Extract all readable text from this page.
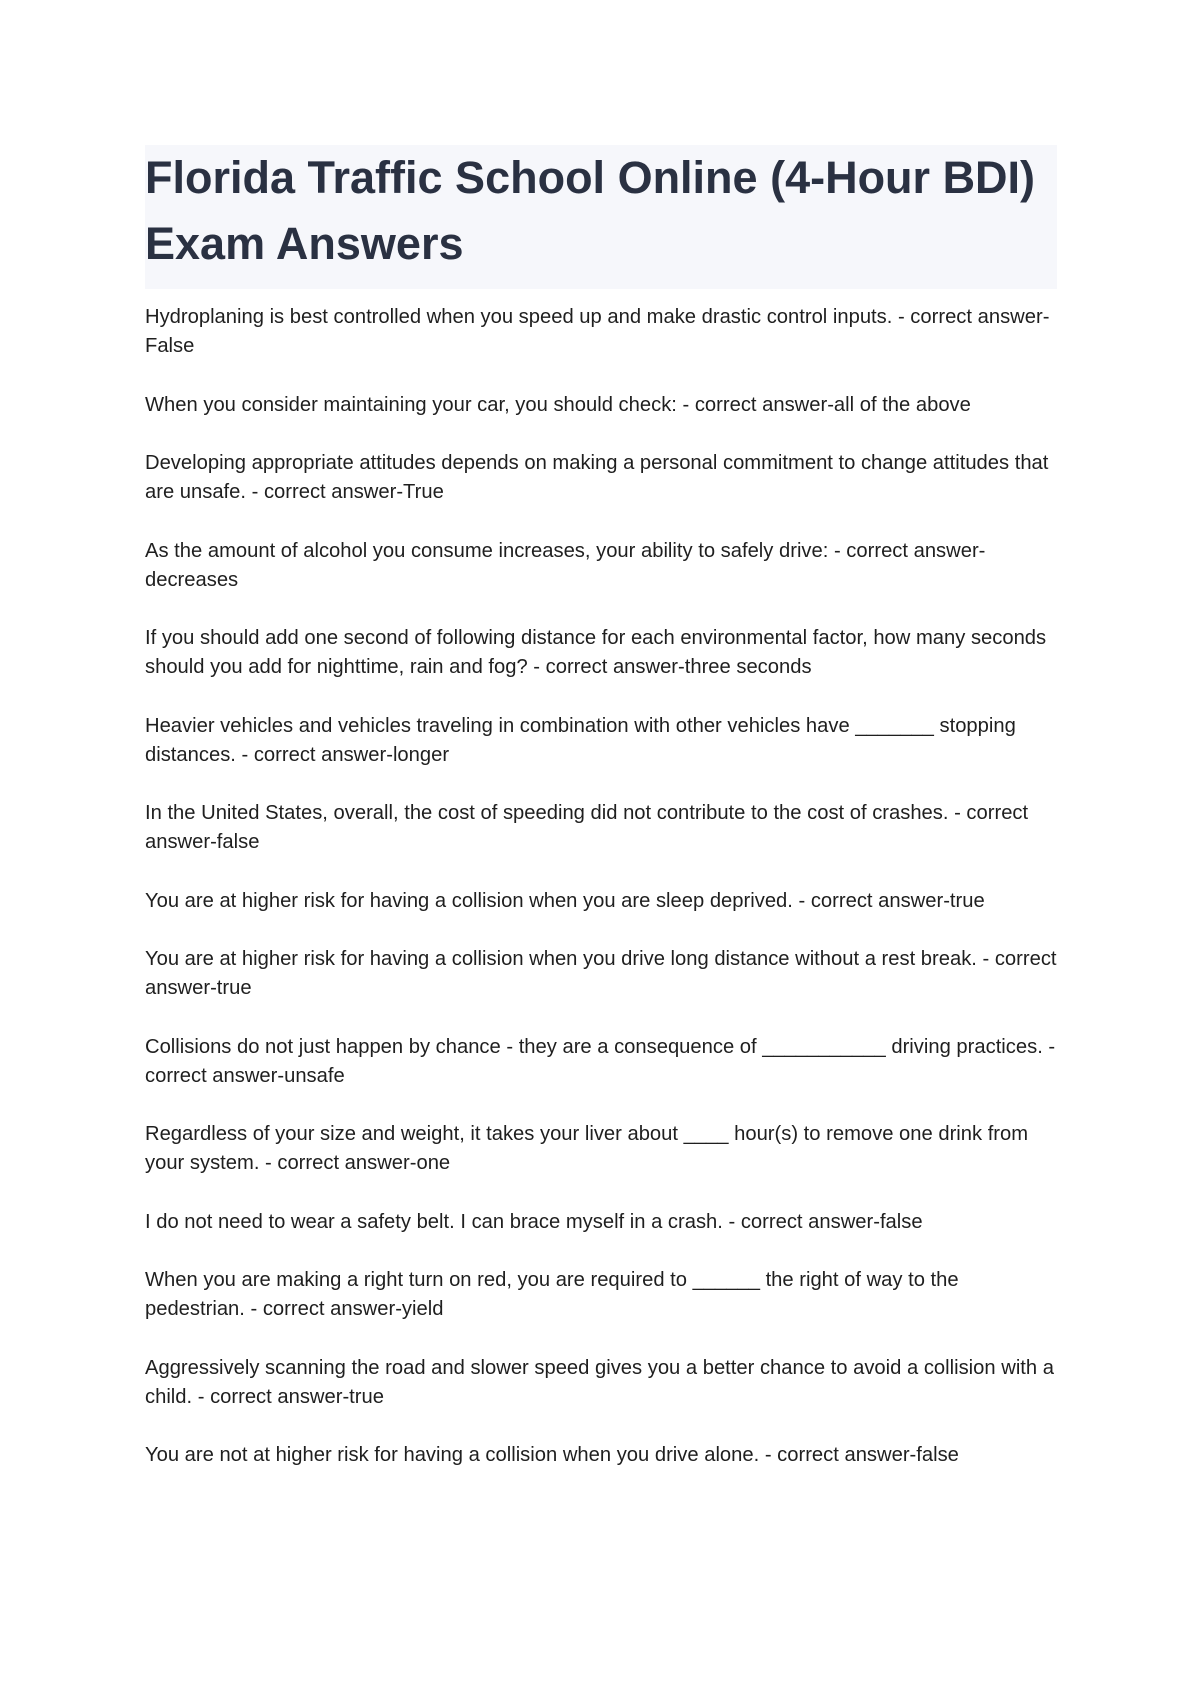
Florida Traffic School Online (4-Hour BDI) Exam Answers
Hydroplaning is best controlled when you speed up and make drastic control inputs. - correct answer-False
When you consider maintaining your car, you should check: - correct answer-all of the above
Developing appropriate attitudes depends on making a personal commitment to change attitudes that are unsafe. - correct answer-True
As the amount of alcohol you consume increases, your ability to safely drive: - correct answer-decreases
If you should add one second of following distance for each environmental factor, how many seconds should you add for nighttime, rain and fog? - correct answer-three seconds
Heavier vehicles and vehicles traveling in combination with other vehicles have _______ stopping distances. - correct answer-longer
In the United States, overall, the cost of speeding did not contribute to the cost of crashes. - correct answer-false
You are at higher risk for having a collision when you are sleep deprived. - correct answer-true
You are at higher risk for having a collision when you drive long distance without a rest break. - correct answer-true
Collisions do not just happen by chance - they are a consequence of ___________ driving practices. - correct answer-unsafe
Regardless of your size and weight, it takes your liver about ____ hour(s) to remove one drink from your system. - correct answer-one
I do not need to wear a safety belt. I can brace myself in a crash. - correct answer-false
When you are making a right turn on red, you are required to ______ the right of way to the pedestrian. - correct answer-yield
Aggressively scanning the road and slower speed gives you a better chance to avoid a collision with a child. - correct answer-true
You are not at higher risk for having a collision when you drive alone. - correct answer-false
